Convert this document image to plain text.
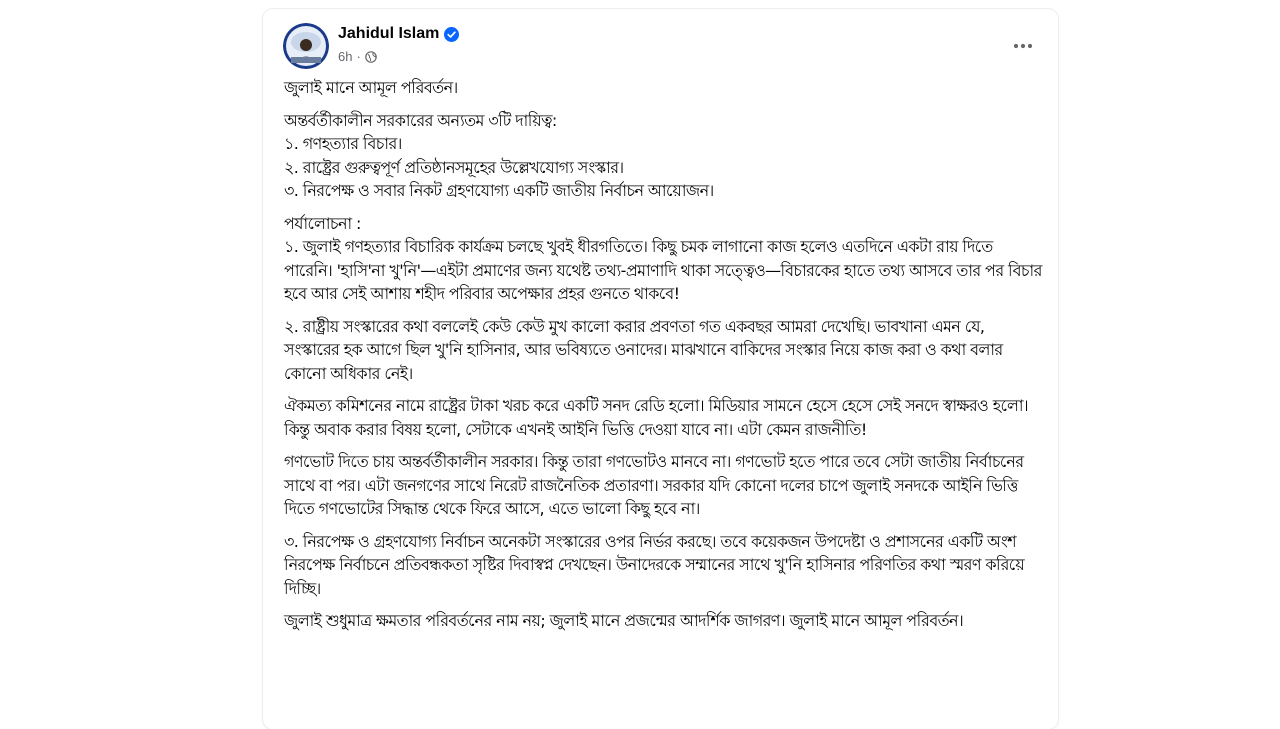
Jahidul Islam
6h ·

জুলাই মানে আমূল পরিবর্তন।

অন্তর্বর্তীকালীন সরকারের অন্যতম ৩টি দায়িত্ব:
১. গণহত্যার বিচার।
২. রাষ্ট্রের গুরুত্বপূর্ণ প্রতিষ্ঠানসমূহের উল্লেখযোগ্য সংস্কার।
৩. নিরপেক্ষ ও সবার নিকট গ্রহণযোগ্য একটি জাতীয় নির্বাচন আয়োজন।

পর্যালোচনা :
১. জুলাই গণহত্যার বিচারিক কার্যক্রম চলছে খুবই ধীরগতিতে। কিছু চমক লাগানো কাজ হলেও এতদিনে একটা রায় দিতে পারেনি। 'হাসি'না খু'নি'—এইটা প্রমাণের জন্য যথেষ্ট তথ্য-প্রমাণাদি থাকা সত্ত্বেও—বিচারকের হাতে তথ্য আসবে তার পর বিচার হবে আর সেই আশায় শহীদ পরিবার অপেক্ষার প্রহর গুনতে থাকবে!

২. রাষ্ট্রীয় সংস্কারের কথা বললেই কেউ কেউ মুখ কালো করার প্রবণতা গত একবছর আমরা দেখেছি। ভাবখানা এমন যে, সংস্কারের হক আগে ছিল খু'নি হাসিনার, আর ভবিষ্যতে ওনাদের। মাঝখানে বাকিদের সংস্কার নিয়ে কাজ করা ও কথা বলার কোনো অধিকার নেই।

ঐকমত্য কমিশনের নামে রাষ্ট্রের টাকা খরচ করে একটি সনদ রেডি হলো। মিডিয়ার সামনে হেসে হেসে সেই সনদে স্বাক্ষরও হলো। কিন্তু অবাক করার বিষয় হলো, সেটাকে এখনই আইনি ভিত্তি দেওয়া যাবে না। এটা কেমন রাজনীতি!

গণভোট দিতে চায় অন্তর্বর্তীকালীন সরকার। কিন্তু তারা গণভোটও মানবে না। গণভোট হতে পারে তবে সেটা জাতীয় নির্বাচনের সাথে বা পর। এটা জনগণের সাথে নিরেট রাজনৈতিক প্রতারণা। সরকার যদি কোনো দলের চাপে জুলাই সনদকে আইনি ভিত্তি দিতে গণভোটের সিদ্ধান্ত থেকে ফিরে আসে, এতে ভালো কিছু হবে না।

৩. নিরপেক্ষ ও গ্রহণযোগ্য নির্বাচন অনেকটা সংস্কারের ওপর নির্ভর করছে। তবে কয়েকজন উপদেষ্টা ও প্রশাসনের একটি অংশ নিরপেক্ষ নির্বাচনে প্রতিবন্ধকতা সৃষ্টির দিবাস্বপ্ন দেখছেন। উনাদেরকে সম্মানের সাথে খু'নি হাসিনার পরিণতির কথা স্মরণ করিয়ে দিচ্ছি।

জুলাই শুধুমাত্র ক্ষমতার পরিবর্তনের নাম নয়; জুলাই মানে প্রজন্মের আদর্শিক জাগরণ। জুলাই মানে আমূল পরিবর্তন।
